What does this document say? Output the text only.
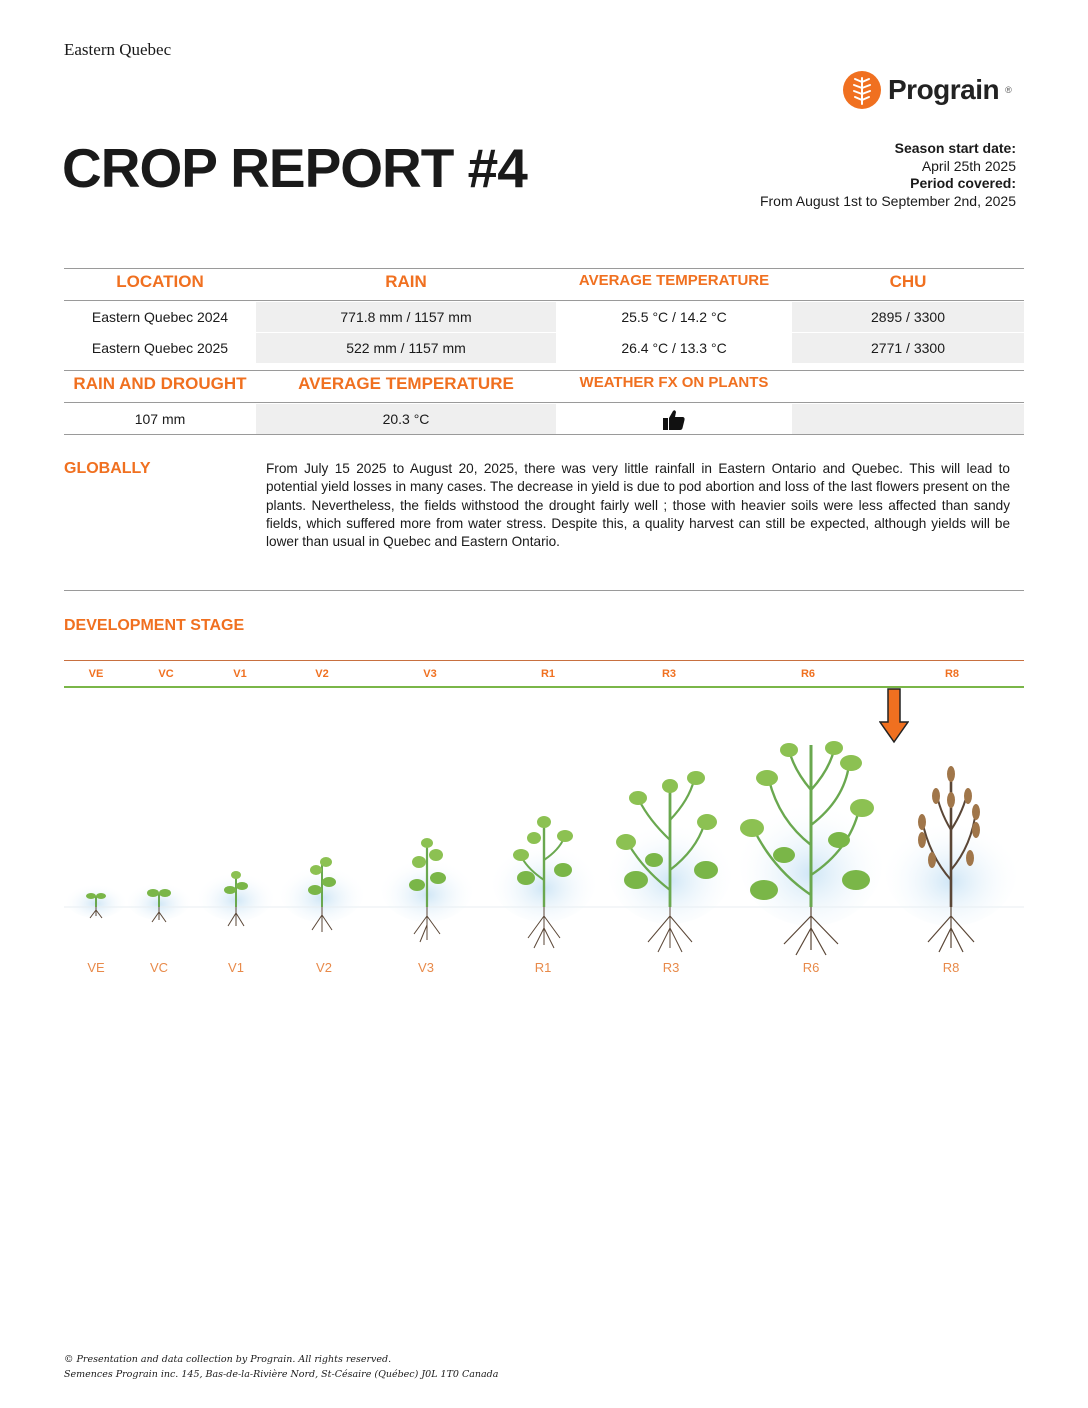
Eastern Quebec
Prograin ®
CROP REPORT #4	Season start date:
April 25th 2025
Period covered:
From August 1st to September 2nd, 2025
LOCATION	RAIN	AVERAGE TEMPERATURE	CHU
Eastern Quebec 2024	771.8 mm / 1157 mm	25.5 °C / 14.2 °C	2895 / 3300
Eastern Quebec 2025	522 mm / 1157 mm	26.4 °C / 13.3 °C	2771 / 3300
RAIN AND DROUGHT	AVERAGE TEMPERATURE	WEATHER FX ON PLANTS
107 mm	20.3 °C
GLOBALLY	From July 15 2025 to August 20, 2025, there was very little rainfall in Eastern Ontario and Quebec. This will lead to potential yield losses in many cases. The decrease in yield is due to pod abortion and loss of the last flowers present on the plants. Nevertheless, the fields withstood the drought fairly well ; those with heavier soils were less affected than sandy fields, which suffered more from water stress. Despite this, a quality harvest can still be expected, although yields will be lower than usual in Quebec and Eastern Ontario.
DEVELOPMENT STAGE
VE	VC	V1	V2	V3	R1	R3	R6	R8
VE	VC	V1	V2	V3	R1	R3	R6	R8
© Presentation and data collection by Prograin. All rights reserved.
Semences Prograin inc. 145, Bas-de-la-Rivière Nord, St-Césaire (Québec) J0L 1T0 Canada
